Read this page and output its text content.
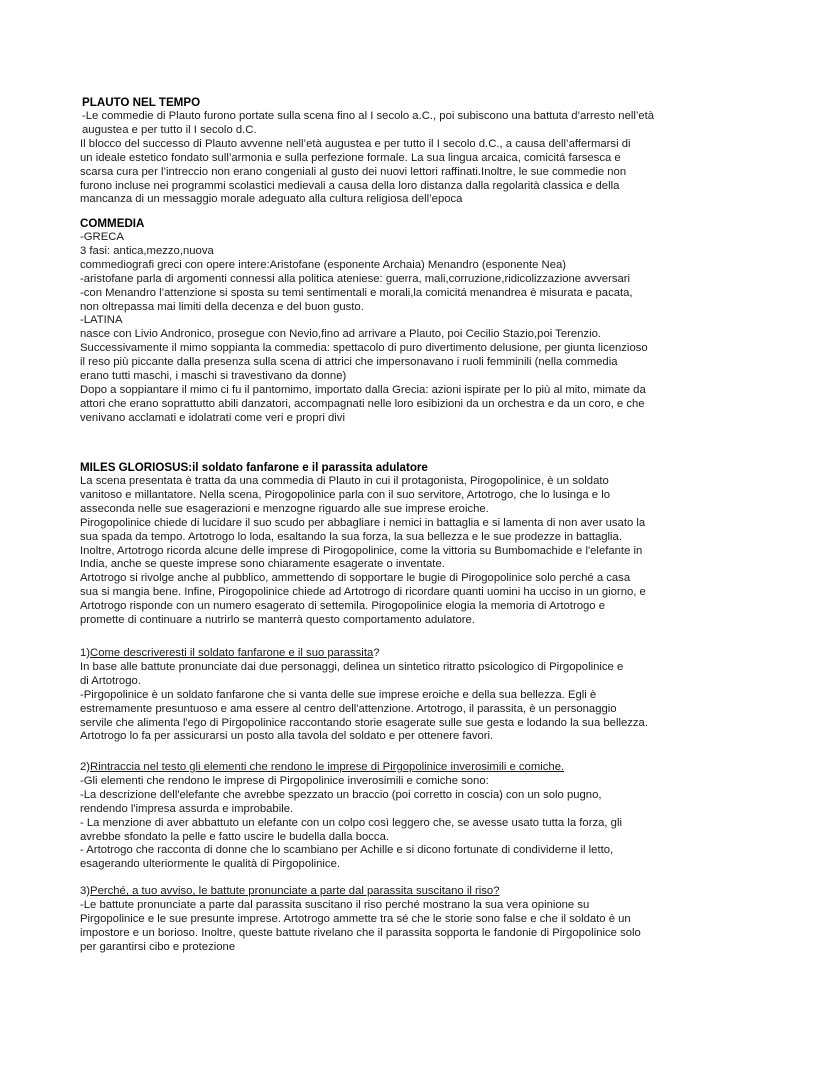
PLAUTO NEL TEMPO

-Le commedie di Plauto furono portate sulla scena fino al I secolo a.C., poi subiscono una battuta d’arresto nell’età

augustea e per tutto il I secolo d.C.

Il blocco del successo di Plauto avvenne nell’età augustea e per tutto il I secolo d.C., a causa dell’affermarsi di

un ideale estetico fondato sull’armonia e sulla perfezione formale. La sua lingua arcaica, comicitá farsesca e

scarsa cura per l’intreccio non erano congeniali al gusto dei nuovi lettori raffinati.Inoltre, le sue commedie non

furono incluse nei programmi scolastici medievali a causa della loro distanza dalla regolarità classica e della

mancanza di un messaggio morale adeguato alla cultura religiosa dell’epoca

COMMEDIA

-GRECA

3 fasi: antica,mezzo,nuova

commediografi greci con opere intere:Aristofane (esponente Archaia) Menandro (esponente Nea)

-aristofane parla di argomenti connessi alla politica ateniese: guerra, mali,corruzione,ridicolizzazione avversari

-con Menandro l’attenzione si sposta su temi sentimentali e morali,la comicitá menandrea è misurata e pacata,

non oltrepassa mai limiti della decenza e del buon gusto.

-LATINA

nasce con Livio Andronico, prosegue con Nevio,fino ad arrivare a Plauto, poi Cecilio Stazio,poi Terenzio.

Successivamente il mimo soppianta la commedia: spettacolo di puro divertimento delusione, per giunta licenzioso

il reso più piccante dalla presenza sulla scena di attrici che impersonavano i ruoli femminili (nella commedia

erano tutti maschi, i maschi si travestivano da donne)

Dopo a soppiantare il mimo ci fu il pantomimo, importato dalla Grecia: azioni ispirate per lo più al mito, mimate da

attori che erano soprattutto abili danzatori, accompagnati nelle loro esibizioni da un orchestra e da un coro, e che

venivano acclamati e idolatrati come veri e propri divi

MILES GLORIOSUS:il soldato fanfarone e il parassita adulatore

La scena presentata è tratta da una commedia di Plauto in cui il protagonista, Pirogopolinice, è un soldato

vanitoso e millantatore. Nella scena, Pirogopolinice parla con il suo servitore, Artotrogo, che lo lusinga e lo

asseconda nelle sue esagerazioni e menzogne riguardo alle sue imprese eroiche.

Pirogopolinice chiede di lucidare il suo scudo per abbagliare i nemici in battaglia e si lamenta di non aver usato la

sua spada da tempo. Artotrogo lo loda, esaltando la sua forza, la sua bellezza e le sue prodezze in battaglia.

Inoltre, Artotrogo ricorda alcune delle imprese di Pirogopolinice, come la vittoria su Bumbomachide e l'elefante in

India, anche se queste imprese sono chiaramente esagerate o inventate.

Artotrogo si rivolge anche al pubblico, ammettendo di sopportare le bugie di Pirogopolinice solo perché a casa

sua si mangia bene. Infine, Pirogopolinice chiede ad Artotrogo di ricordare quanti uomini ha ucciso in un giorno, e

Artotrogo risponde con un numero esagerato di settemila. Pirogopolinice elogia la memoria di Artotrogo e

promette di continuare a nutrirlo se manterrà questo comportamento adulatore.

1)Come descriveresti il soldato fanfarone e il suo parassita?

In base alle battute pronunciate dai due personaggi, delinea un sintetico ritratto psicologico di Pirgopolinice e

di Artotrogo.

-Pirgopolinice è un soldato fanfarone che si vanta delle sue imprese eroiche e della sua bellezza. Egli è

estremamente presuntuoso e ama essere al centro dell'attenzione. Artotrogo, il parassita, è un personaggio

servile che alimenta l'ego di Pirgopolinice raccontando storie esagerate sulle sue gesta e lodando la sua bellezza.

Artotrogo lo fa per assicurarsi un posto alla tavola del soldato e per ottenere favori.

2)Rintraccia nel testo gli elementi che rendono le imprese di Pirgopolinice inverosimili e comiche.

-Gli elementi che rendono le imprese di Pirgopolinice inverosimili e comiche sono:

-La descrizione dell'elefante che avrebbe spezzato un braccio (poi corretto in coscia) con un solo pugno,

rendendo l'impresa assurda e improbabile.

- La menzione di aver abbattuto un elefante con un colpo così leggero che, se avesse usato tutta la forza, gli

avrebbe sfondato la pelle e fatto uscire le budella dalla bocca.

- Artotrogo che racconta di donne che lo scambiano per Achille e si dicono fortunate di condividerne il letto,

esagerando ulteriormente le qualità di Pirgopolinice.

3)Perché, a tuo avviso, le battute pronunciate a parte dal parassita suscitano il riso?

-Le battute pronunciate a parte dal parassita suscitano il riso perché mostrano la sua vera opinione su

Pirgopolinice e le sue presunte imprese. Artotrogo ammette tra sé che le storie sono false e che il soldato è un

impostore e un borioso. Inoltre, queste battute rivelano che il parassita sopporta le fandonie di Pirgopolinice solo

per garantirsi cibo e protezione
